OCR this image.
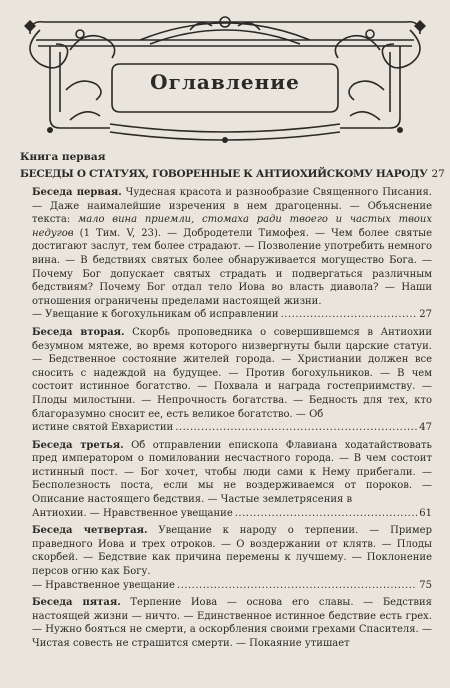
Оглавление
Книга первая
БЕСЕДЫ О СТАТУЯХ, ГОВОРЕННЫЕ К АНТИОХИЙСКОМУ НАРОДУ 27
Беседа первая. Чудесная красота и разнообразие Священного Писания. — Даже наималейшие изречения в нем драгоценны. — Объяснение текста: мало вина приемли, стомаха ради твоего и частых твоих недугов (1 Тим. V, 23). — Добродетели Тимофея. — Чем более святые достигают заслут, тем более страдают. — Позволение употребить немного вина. — В бедствиях святых более обнаруживается могущество Бога. — Почему Бог допускает святых страдать и подвергаться различным бедствиям? Почему Бог отдал тело Иова во власть диавола? — Наши отношения ограничены пределами настоящей жизни.
— Увещание к богохульникам об исправлении .....	27
Беседа вторая. Скорбь проповедника о совершившемся в Антиохии безумном мятеже, во время которого низвергнуты были царские статуи. — Бедственное состояние жителей города. — Христиании должен все сносить с надеждой на будущее. — Против богохульников. — В чем состоит истинное богатство. — Похвала и награда гостеприимству. — Плоды милостыни. — Непрочность богатства. — Бедность для тех, кто благоразумно сносит ее, есть великое богатство. — Об
истине святой Евхаристии .....	47
Беседа третья. Об отправлении епископа Флавиана ходатайствовать пред императором о помиловании несчастного города. — В чем состоит истинный пост. — Бог хочет, чтобы люди сами к Нему прибегали. — Бесполезность поста, если мы не воздерживаемся от пороков. — Описание настоящего бедствия. — Частые землетрясения в
Антиохии. — Нравственное увещание .....	61
Беседа четвертая. Увещание к народу о терпении. — Пример праведного Иова и трех отроков. — О воздержании от клятв. — Плоды скорбей. — Бедствие как причина перемены к лучшему. — Поклонение персов огню как Богу.
— Нравственное увещание .....	75
Беседа пятая. Терпение Иова — основа его славы. — Бедствия настоящей жизни — ничто. — Единственное истинное бедствие есть грех. — Нужно бояться не смерти, а оскорбления своими грехами Спасителя. — Чистая совесть не страшится смерти. — Покаяние утишает
